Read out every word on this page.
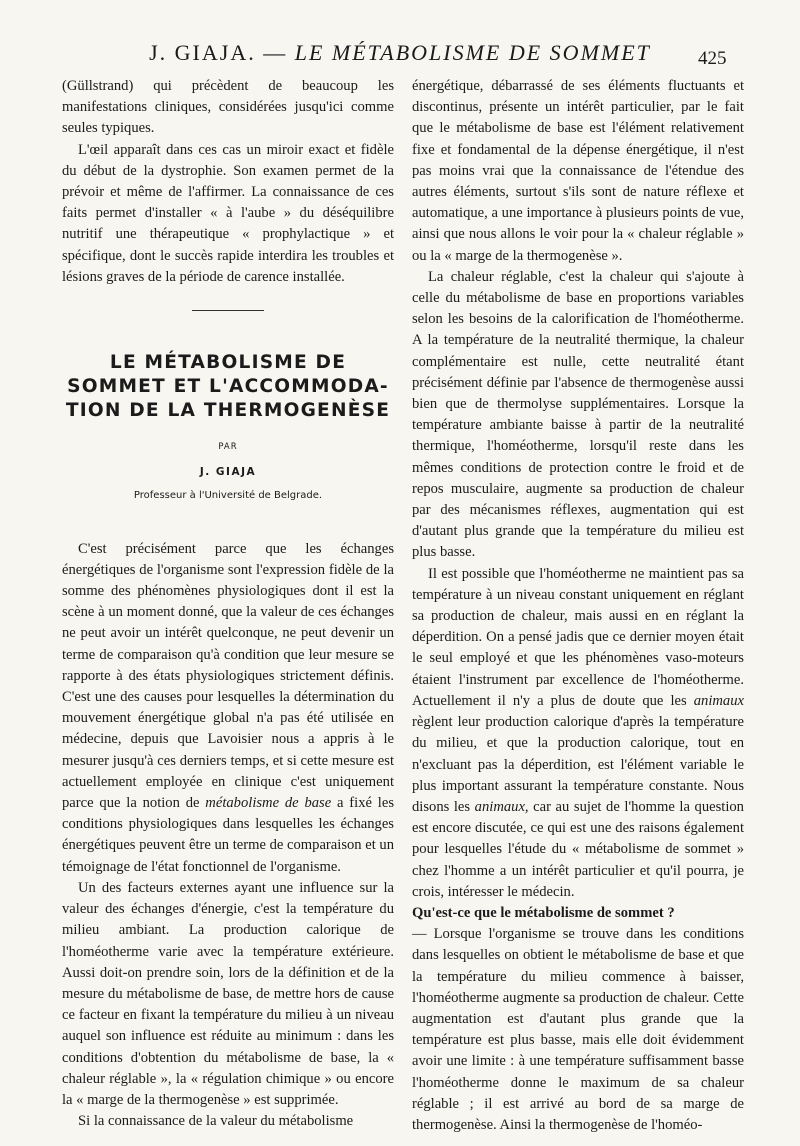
J. GIAJA. — LE MÉTABOLISME DE SOMMET	425

(Güllstrand) qui précèdent de beaucoup les manifestations cliniques, considérées jusqu'ici comme seules typiques.

L'œil apparaît dans ces cas un miroir exact et fidèle du début de la dystrophie. Son examen permet de la prévoir et même de l'affirmer. La connaissance de ces faits permet d'installer « à l'aube » du déséquilibre nutritif une thérapeutique « prophylactique » et spécifique, dont le succès rapide interdira les troubles et lésions graves de la période de carence installée.

LE MÉTABOLISME DE
SOMMET ET L'ACCOMMODA-
TION DE LA THERMOGENÈSE
PAR
J. GIAJA
Professeur à l'Université de Belgrade.

C'est précisément parce que les échanges énergétiques de l'organisme sont l'expression fidèle de la somme des phénomènes physiologiques dont il est la scène à un moment donné, que la valeur de ces échanges ne peut avoir un intérêt quelconque, ne peut devenir un terme de comparaison qu'à condition que leur mesure se rapporte à des états physiologiques strictement définis. C'est une des causes pour lesquelles la détermination du mouvement énergétique global n'a pas été utilisée en médecine, depuis que Lavoisier nous a appris à le mesurer jusqu'à ces derniers temps, et si cette mesure est actuellement employée en clinique c'est uniquement parce que la notion de métabolisme de base a fixé les conditions physiologiques dans lesquelles les échanges énergétiques peuvent être un terme de comparaison et un témoignage de l'état fonctionnel de l'organisme.

Un des facteurs externes ayant une influence sur la valeur des échanges d'énergie, c'est la température du milieu ambiant. La production calorique de l'homéotherme varie avec la température extérieure. Aussi doit-on prendre soin, lors de la définition et de la mesure du métabolisme de base, de mettre hors de cause ce facteur en fixant la température du milieu à un niveau auquel son influence est réduite au minimum : dans les conditions d'obtention du métabolisme de base, la « chaleur réglable », la « régulation chimique » ou encore la « marge de la thermogenèse » est supprimée.

Si la connaissance de la valeur du métabolisme

énergétique, débarrassé de ses éléments fluctuants et discontinus, présente un intérêt particulier, par le fait que le métabolisme de base est l'élément relativement fixe et fondamental de la dépense énergétique, il n'est pas moins vrai que la connaissance de l'étendue des autres éléments, surtout s'ils sont de nature réflexe et automatique, a une importance à plusieurs points de vue, ainsi que nous allons le voir pour la « chaleur réglable » ou la « marge de la thermogenèse ».

La chaleur réglable, c'est la chaleur qui s'ajoute à celle du métabolisme de base en proportions variables selon les besoins de la calorification de l'homéotherme. A la température de la neutralité thermique, la chaleur complémentaire est nulle, cette neutralité étant précisément définie par l'absence de thermogenèse aussi bien que de thermolyse supplémentaires. Lorsque la température ambiante baisse à partir de la neutralité thermique, l'homéotherme, lorsqu'il reste dans les mêmes conditions de protection contre le froid et de repos musculaire, augmente sa production de chaleur par des mécanismes réflexes, augmentation qui est d'autant plus grande que la température du milieu est plus basse.

Il est possible que l'homéotherme ne maintient pas sa température à un niveau constant uniquement en réglant sa production de chaleur, mais aussi en en réglant la déperdition. On a pensé jadis que ce dernier moyen était le seul employé et que les phénomènes vaso-moteurs étaient l'instrument par excellence de l'homéotherme. Actuellement il n'y a plus de doute que les animaux règlent leur production calorique d'après la température du milieu, et que la production calorique, tout en n'excluant pas la déperdition, est l'élément variable le plus important assurant la température constante. Nous disons les animaux, car au sujet de l'homme la question est encore discutée, ce qui est une des raisons également pour lesquelles l'étude du « métabolisme de sommet » chez l'homme a un intérêt particulier et qu'il pourra, je crois, intéresser le médecin.

Qu'est-ce que le métabolisme de sommet ?

— Lorsque l'organisme se trouve dans les conditions dans lesquelles on obtient le métabolisme de base et que la température du milieu commence à baisser, l'homéotherme augmente sa production de chaleur. Cette augmentation est d'autant plus grande que la température est plus basse, mais elle doit évidemment avoir une limite : à une température suffisamment basse l'homéotherme donne le maximum de sa chaleur réglable ; il est arrivé au bord de sa marge de thermogenèse. Ainsi la thermogenèse de l'homéo-
